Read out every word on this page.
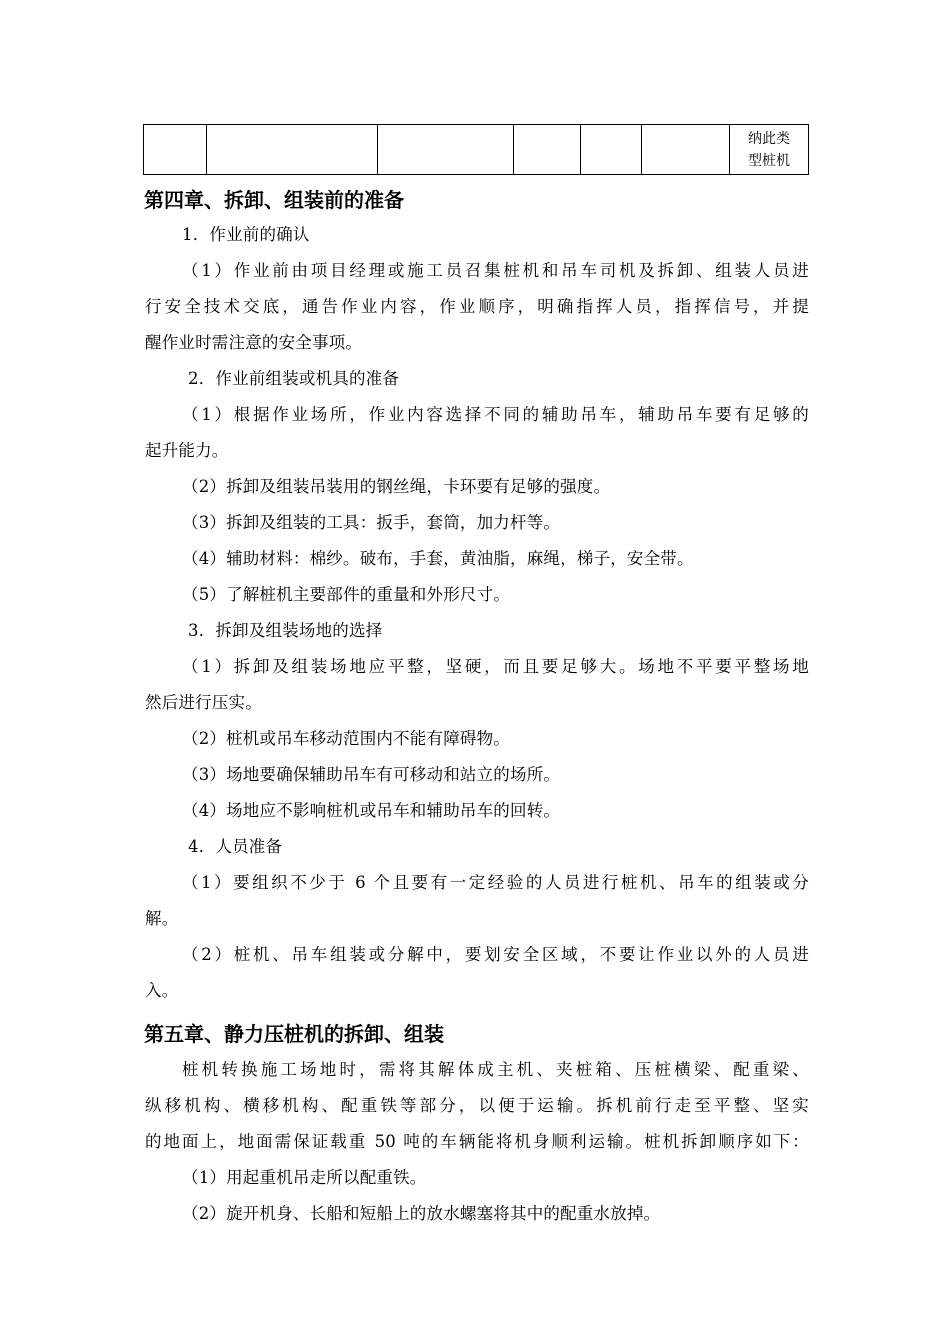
纳此类
型桩机
第四章、拆卸、组装前的准备

1．作业前的确认

（1）作业前由项目经理或施工员召集桩机和吊车司机及拆卸、组装人员进

行安全技术交底，通告作业内容，作业顺序，明确指挥人员，指挥信号，并提

醒作业时需注意的安全事项。

2．作业前组装或机具的准备

（1）根据作业场所，作业内容选择不同的辅助吊车，辅助吊车要有足够的

起升能力。

（2）拆卸及组装吊装用的钢丝绳，卡环要有足够的强度。

（3）拆卸及组装的工具：扳手，套筒，加力杆等。

（4）辅助材料：棉纱。破布，手套，黄油脂，麻绳，梯子，安全带。

（5）了解桩机主要部件的重量和外形尺寸。

3．拆卸及组装场地的选择

（1）拆卸及组装场地应平整，坚硬，而且要足够大。场地不平要平整场地

然后进行压实。

（2）桩机或吊车移动范围内不能有障碍物。

（3）场地要确保辅助吊车有可移动和站立的场所。

（4）场地应不影响桩机或吊车和辅助吊车的回转。

4．人员准备

（1）要组织不少于 6 个且要有一定经验的人员进行桩机、吊车的组装或分

解。

（2）桩机、吊车组装或分解中，要划安全区域，不要让作业以外的人员进

入。

第五章、静力压桩机的拆卸、组装

桩机转换施工场地时，需将其解体成主机、夹桩箱、压桩横梁、配重梁、

纵移机构、横移机构、配重铁等部分，以便于运输。拆机前行走至平整、坚实

的地面上，地面需保证载重 50 吨的车辆能将机身顺利运输。桩机拆卸顺序如下：

（1）用起重机吊走所以配重铁。

（2）旋开机身、长船和短船上的放水螺塞将其中的配重水放掉。
